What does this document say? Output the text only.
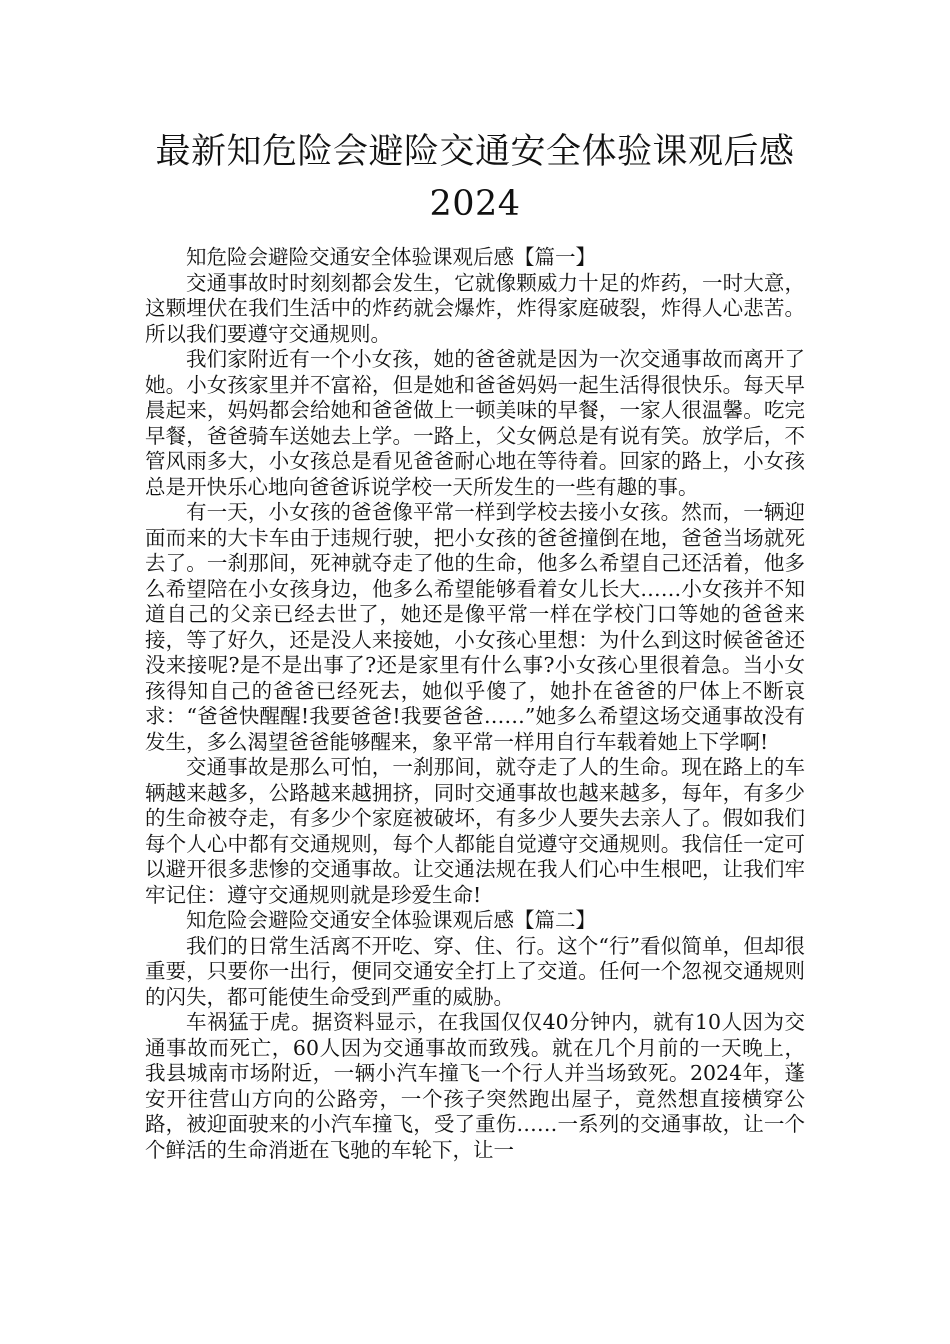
最新知危险会避险交通安全体验课观后感
2024

知危险会避险交通安全体验课观后感【篇一】

交通事故时时刻刻都会发生，它就像颗威力十足的炸药，一时大意，这颗埋伏在我们生活中的炸药就会爆炸，炸得家庭破裂，炸得人心悲苦。所以我们要遵守交通规则。

我们家附近有一个小女孩，她的爸爸就是因为一次交通事故而离开了她。小女孩家里并不富裕，但是她和爸爸妈妈一起生活得很快乐。每天早晨起来，妈妈都会给她和爸爸做上一顿美味的早餐，一家人很温馨。吃完早餐，爸爸骑车送她去上学。一路上，父女俩总是有说有笑。放学后，不管风雨多大，小女孩总是看见爸爸耐心地在等待着。回家的路上，小女孩总是开快乐心地向爸爸诉说学校一天所发生的一些有趣的事。

有一天，小女孩的爸爸像平常一样到学校去接小女孩。然而，一辆迎面而来的大卡车由于违规行驶，把小女孩的爸爸撞倒在地，爸爸当场就死去了。一刹那间，死神就夺走了他的生命，他多么希望自己还活着，他多么希望陪在小女孩身边，他多么希望能够看着女儿长大……小女孩并不知道自己的父亲已经去世了，她还是像平常一样在学校门口等她的爸爸来接，等了好久，还是没人来接她，小女孩心里想：为什么到这时候爸爸还没来接呢?是不是出事了?还是家里有什么事?小女孩心里很着急。当小女孩得知自己的爸爸已经死去，她似乎傻了，她扑在爸爸的尸体上不断哀求：“爸爸快醒醒!我要爸爸!我要爸爸……”她多么希望这场交通事故没有发生，多么渴望爸爸能够醒来，象平常一样用自行车载着她上下学啊!

交通事故是那么可怕，一刹那间，就夺走了人的生命。现在路上的车辆越来越多，公路越来越拥挤，同时交通事故也越来越多，每年，有多少的生命被夺走，有多少个家庭被破坏，有多少人要失去亲人了。假如我们每个人心中都有交通规则，每个人都能自觉遵守交通规则。我信任一定可以避开很多悲惨的交通事故。让交通法规在我人们心中生根吧，让我们牢牢记住：遵守交通规则就是珍爱生命!

知危险会避险交通安全体验课观后感【篇二】

我们的日常生活离不开吃、穿、住、行。这个“行”看似简单，但却很重要，只要你一出行，便同交通安全打上了交道。任何一个忽视交通规则的闪失，都可能使生命受到严重的威胁。

车祸猛于虎。据资料显示，在我国仅仅40分钟内，就有10人因为交通事故而死亡，60人因为交通事故而致残。就在几个月前的一天晚上，我县城南市场附近，一辆小汽车撞飞一个行人并当场致死。2024年，蓬安开往营山方向的公路旁，一个孩子突然跑出屋子，竟然想直接横穿公路，被迎面驶来的小汽车撞飞，受了重伤……一系列的交通事故，让一个个鲜活的生命消逝在飞驰的车轮下，让一
